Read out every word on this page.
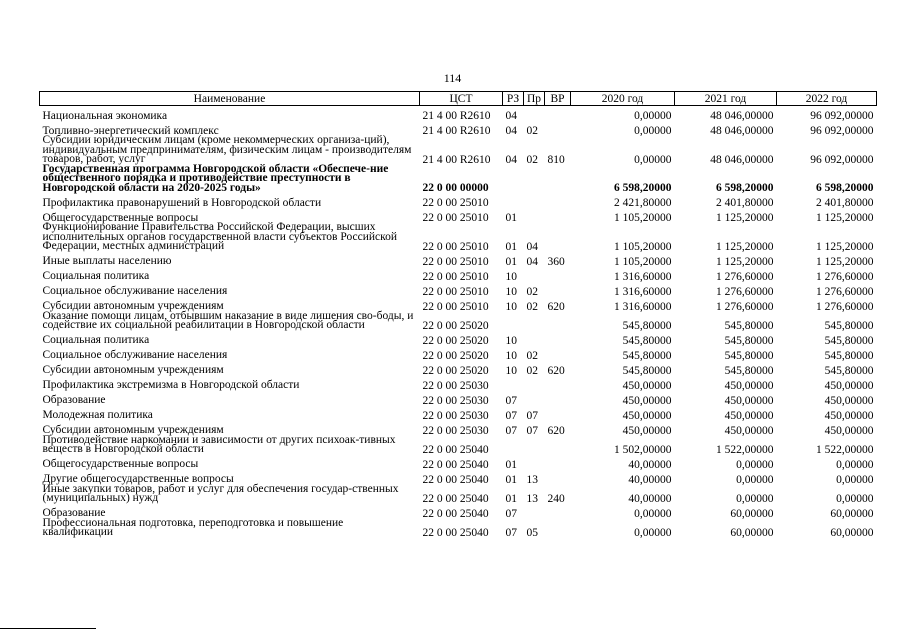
114
Наименование	ЦСТ	РЗ	Пр	ВР	2020 год	2021 год	2022 год
Национальная экономика	21 4 00 R2610	04			0,00000	48 046,00000	96 092,00000
Топливно-энергетический комплекс	21 4 00 R2610	04	02		0,00000	48 046,00000	96 092,00000
Субсидии юридическим лицам (кроме некоммерческих организа-ций), индивидуальным предпринимателям, физическим лицам - производителям товаров, работ, услуг	21 4 00 R2610	04	02	810	0,00000	48 046,00000	96 092,00000
Государственная программа Новгородской области «Обеспече-ние общественного порядка и противодействие преступности в Новгородской области на 2020-2025 годы»	22 0 00 00000				6 598,20000	6 598,20000	6 598,20000
Профилактика правонарушений в Новгородской области	22 0 00 25010				2 421,80000	2 401,80000	2 401,80000
Общегосударственные вопросы	22 0 00 25010	01			1 105,20000	1 125,20000	1 125,20000
Функционирование Правительства Российской Федерации, высших исполнительных органов государственной власти субъектов Российской Федерации, местных администраций	22 0 00 25010	01	04		1 105,20000	1 125,20000	1 125,20000
Иные выплаты населению	22 0 00 25010	01	04	360	1 105,20000	1 125,20000	1 125,20000
Социальная политика	22 0 00 25010	10			1 316,60000	1 276,60000	1 276,60000
Социальное обслуживание населения	22 0 00 25010	10	02		1 316,60000	1 276,60000	1 276,60000
Субсидии автономным учреждениям	22 0 00 25010	10	02	620	1 316,60000	1 276,60000	1 276,60000
Оказание помощи лицам, отбывшим наказание в виде лишения сво-боды, и содействие их социальной реабилитации в Новгородской области	22 0 00 25020				545,80000	545,80000	545,80000
Социальная политика	22 0 00 25020	10			545,80000	545,80000	545,80000
Социальное обслуживание населения	22 0 00 25020	10	02		545,80000	545,80000	545,80000
Субсидии автономным учреждениям	22 0 00 25020	10	02	620	545,80000	545,80000	545,80000
Профилактика экстремизма в Новгородской области	22 0 00 25030				450,00000	450,00000	450,00000
Образование	22 0 00 25030	07			450,00000	450,00000	450,00000
Молодежная политика	22 0 00 25030	07	07		450,00000	450,00000	450,00000
Субсидии автономным учреждениям	22 0 00 25030	07	07	620	450,00000	450,00000	450,00000
Противодействие наркомании и зависимости от других психоак-тивных веществ в Новгородской области	22 0 00 25040				1 502,00000	1 522,00000	1 522,00000
Общегосударственные вопросы	22 0 00 25040	01			40,00000	0,00000	0,00000
Другие общегосударственные вопросы	22 0 00 25040	01	13		40,00000	0,00000	0,00000
Иные закупки товаров, работ и услуг для обеспечения государ-ственных (муниципальных) нужд	22 0 00 25040	01	13	240	40,00000	0,00000	0,00000
Образование	22 0 00 25040	07			0,00000	60,00000	60,00000
Профессиональная подготовка, переподготовка и повышение квалификации	22 0 00 25040	07	05		0,00000	60,00000	60,00000
